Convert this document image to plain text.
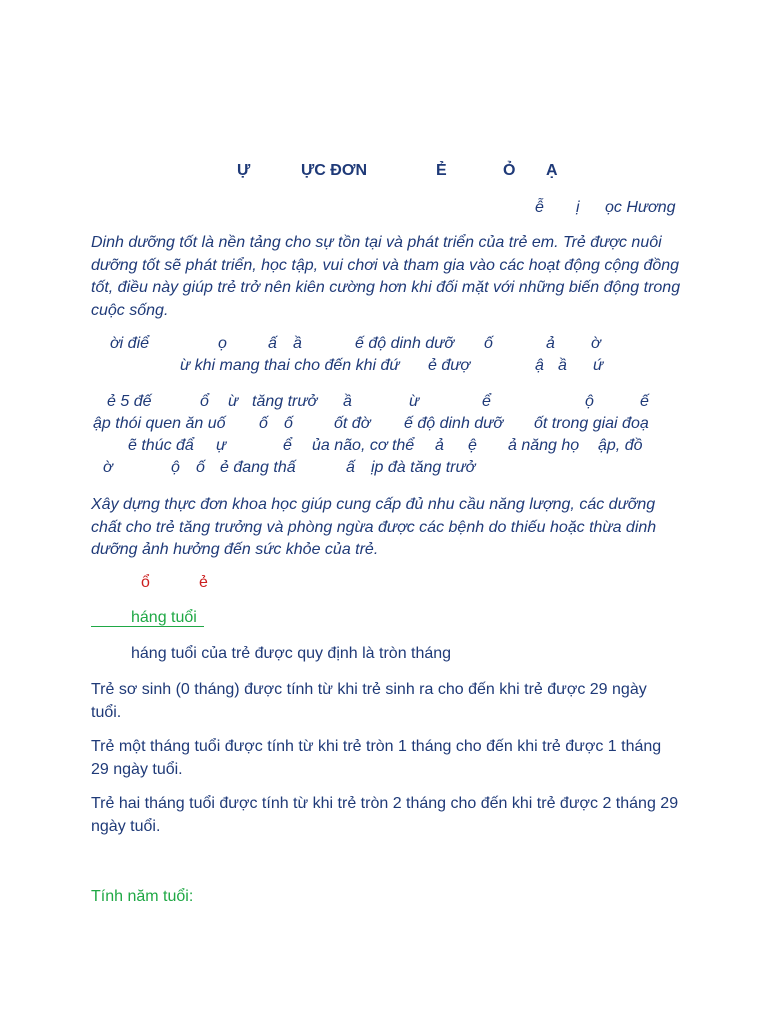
Ự	ỰC ĐƠN	Ẻ	Ỏ Ạ
ễ ị ọc Hương
Dinh dưỡng tốt là nền tảng cho sự tồn tại và phát triển của trẻ em. Trẻ được nuôi dưỡng tốt sẽ phát triển, học tập, vui chơi và tham gia vào các hoạt động cộng đồng tốt, điều này giúp trẻ trở nên kiên cường hơn khi đối mặt với những biến động trong cuộc sống.
ời điể	ọ	ấ ầ	ế độ dinh dưỡ ố	ả ờ
ừ khi mang thai cho đến khi đứ ẻ đượ	ậ ầ ứ
ẻ 5 đế	ổ ừ tăng trưở ầ	ừ	ể	ộ	ế
ập thói quen ăn uố ố ố	ốt đờ ế độ dinh dưỡ ốt trong giai đoạ
ẽ thúc đẩ ự	ể ủa não, cơ thể ả ệ ả năng họ ập, đồ
ờ	ộ ố ẻ đang thấ	ấ ịp đà tăng trưở
Xây dựng thực đơn khoa học giúp cung cấp đủ nhu cầu năng lượng, các dưỡng chất cho trẻ tăng trưởng và phòng ngừa được các bệnh do thiếu hoặc thừa dinh dưỡng ảnh hưởng đến sức khỏe của trẻ.
ổ	ẻ
háng tuổi
háng tuổi của trẻ được quy định là tròn tháng
Trẻ sơ sinh (0 tháng) được tính từ khi trẻ sinh ra cho đến khi trẻ được 29 ngày tuổi.
Trẻ một tháng tuổi được tính từ khi trẻ tròn 1 tháng cho đến khi trẻ được 1 tháng 29 ngày tuổi.
Trẻ hai tháng tuổi được tính từ khi trẻ tròn 2 tháng cho đến khi trẻ được 2 tháng 29 ngày tuổi.
Tính năm tuổi:
